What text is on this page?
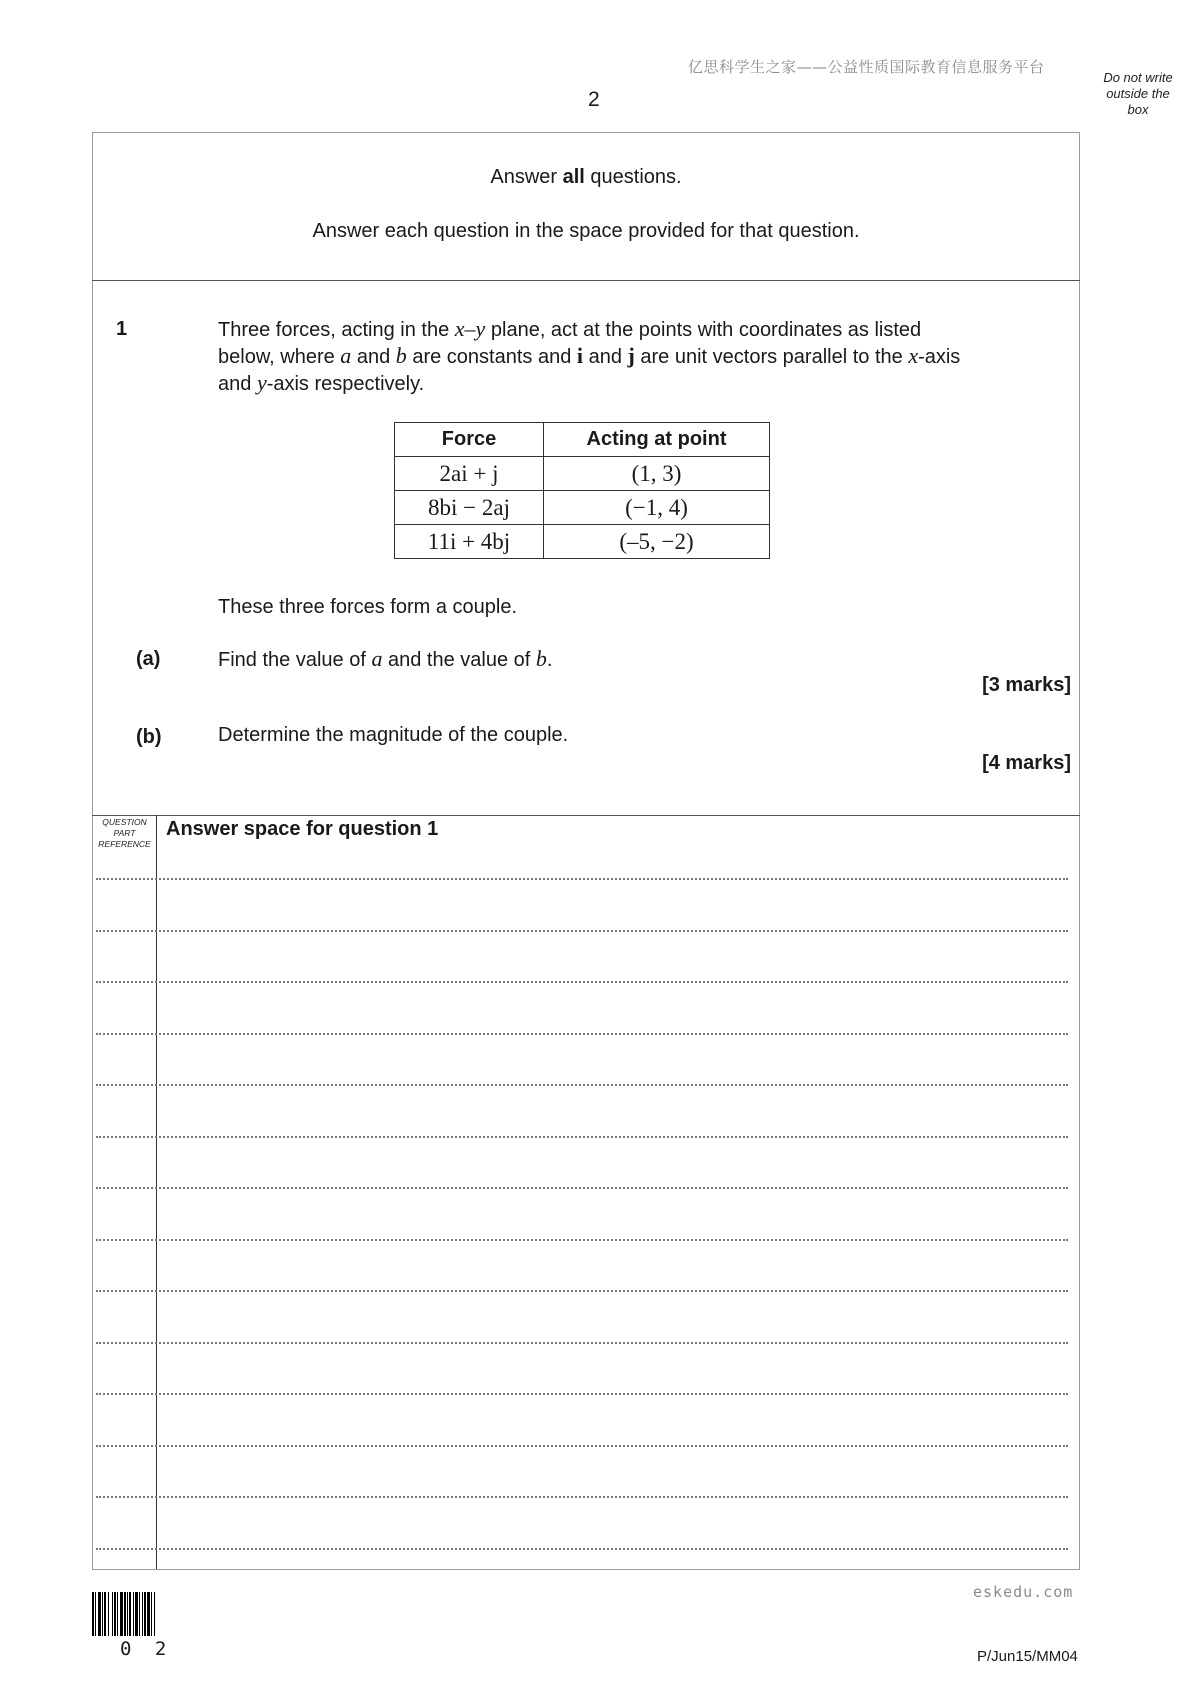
亿思科学生之家——公益性质国际教育信息服务平台
2
Do not write
outside the
box
Answer all questions.
Answer each question in the space provided for that question.
1	Three forces, acting in the x–y plane, act at the points with coordinates as listed
below, where a and b are constants and i and j are unit vectors parallel to the x-axis
and y-axis respectively.
Force	Acting at point
2ai + j	(1, 3)
8bi − 2aj	(−1, 4)
11i + 4bj	(–5, −2)
These three forces form a couple.
(a)	Find the value of a and the value of b.
[3 marks]
(b)	Determine the magnitude of the couple.
[4 marks]
QUESTION
PART
REFERENCE
Answer space for question 1
eskedu.com
0 2	P/Jun15/MM04
